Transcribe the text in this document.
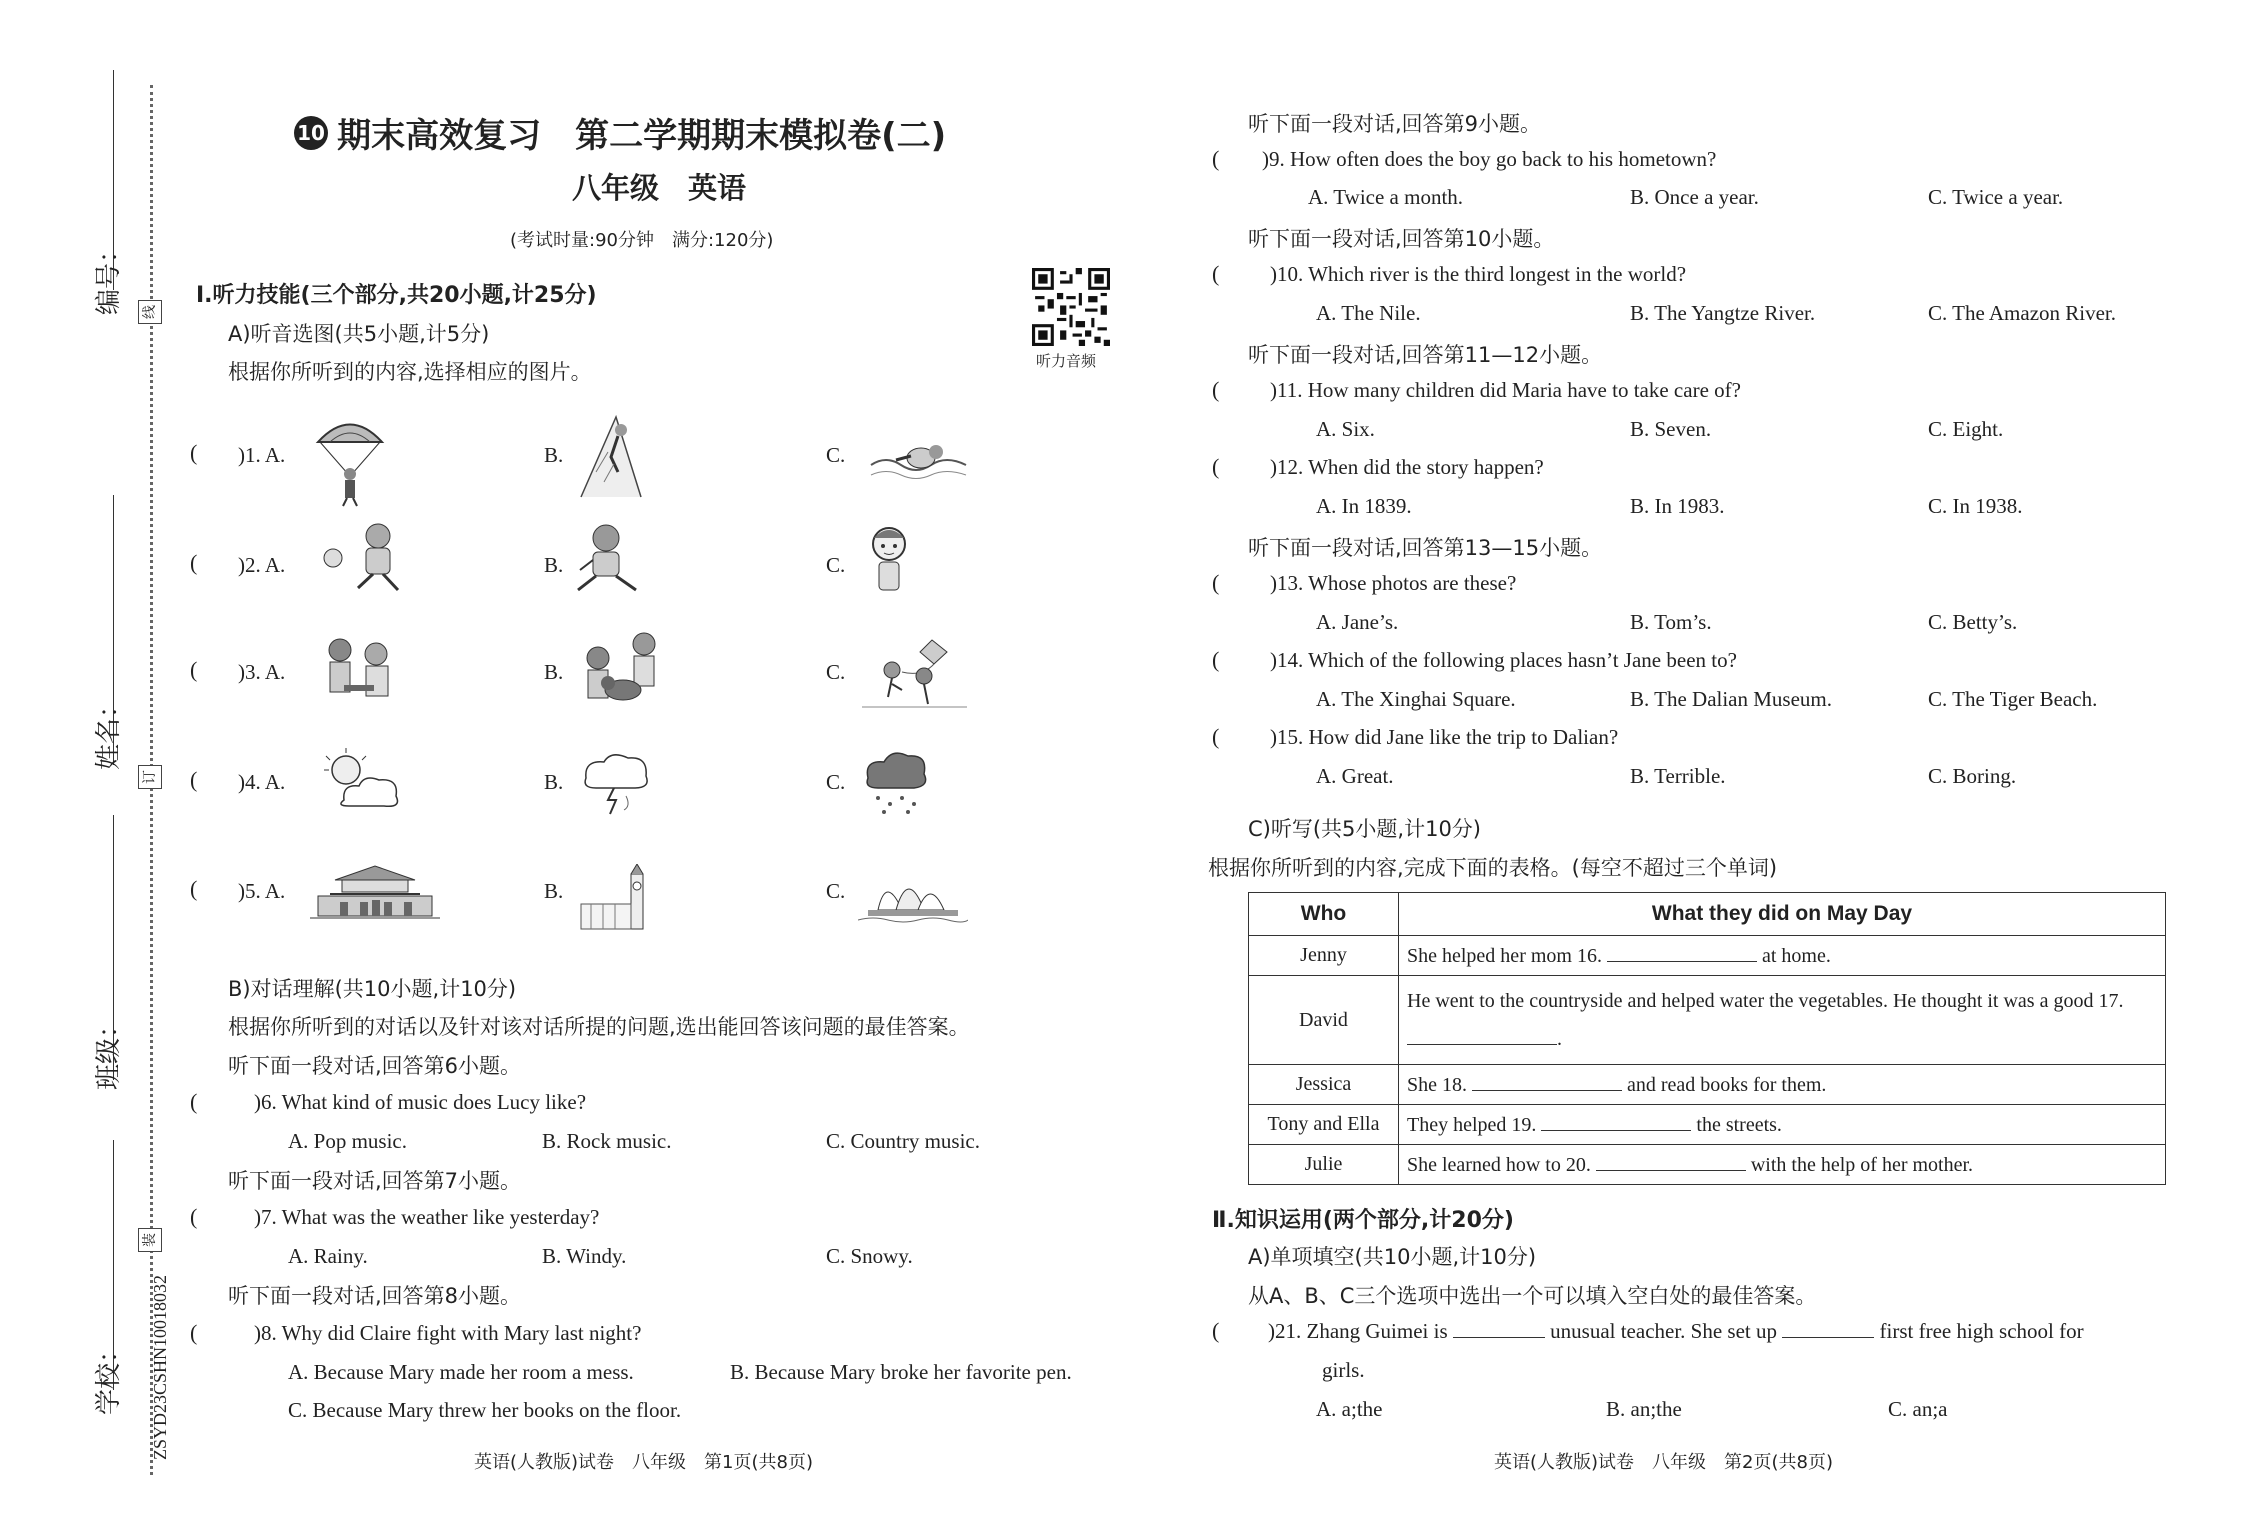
编号：
姓名：
班级：
学校：
线
订
装
ZSYD23CSHN10018032
10 期末高效复习　第二学期期末模拟卷(二)
八年级　英语
(考试时量:90分钟　满分:120分)
听力音频
Ⅰ.听力技能(三个部分,共20小题,计25分)
A)听音选图(共5小题,计5分)
根据你所听到的内容,选择相应的图片。
( )1. A.	B.	C.
( )2. A.	B.	C.
( )3. A.	B.	C.
( )4. A.	B.	C.
( )5. A.	B.	C.
B)对话理解(共10小题,计10分)
根据你所听到的对话以及针对该对话所提的问题,选出能回答该问题的最佳答案。
听下面一段对话,回答第6小题。
(	)6. What kind of music does Lucy like?
A. Pop music.	B. Rock music.	C. Country music.
听下面一段对话,回答第7小题。
(	)7. What was the weather like yesterday?
A. Rainy.	B. Windy.	C. Snowy.
听下面一段对话,回答第8小题。
(	)8. Why did Claire fight with Mary last night?
A. Because Mary made her room a mess.	B. Because Mary broke her favorite pen.
C. Because Mary threw her books on the floor.
英语(人教版)试卷　八年级　第1页(共8页)
听下面一段对话,回答第9小题。
( )9. How often does the boy go back to his hometown?
A. Twice a month.	B. Once a year.	C. Twice a year.
听下面一段对话,回答第10小题。
( )10. Which river is the third longest in the world?
A. The Nile.	B. The Yangtze River.	C. The Amazon River.
听下面一段对话,回答第11—12小题。
( )11. How many children did Maria have to take care of?
A. Six.	B. Seven.	C. Eight.
( )12. When did the story happen?
A. In 1839.	B. In 1983.	C. In 1938.
听下面一段对话,回答第13—15小题。
( )13. Whose photos are these?
A. Jane’s.	B. Tom’s.	C. Betty’s.
( )14. Which of the following places hasn’t Jane been to?
A. The Xinghai Square.	B. The Dalian Museum.	C. The Tiger Beach.
( )15. How did Jane like the trip to Dalian?
A. Great.	B. Terrible.	C. Boring.
C)听写(共5小题,计10分)
根据你所听到的内容,完成下面的表格。(每空不超过三个单词)
Who	What they did on May Day
Jenny	She helped her mom 16. at home.
David	He went to the countryside and helped water the vegetables. He thought it was a good 17. .
Jessica	She 18. and read books for them.
Tony and Ella	They helped 19. the streets.
Julie	She learned how to 20. with the help of her mother.
Ⅱ.知识运用(两个部分,计20分)
A)单项填空(共10小题,计10分)
从A、B、C三个选项中选出一个可以填入空白处的最佳答案。
( )21. Zhang Guimei is	unusual teacher. She set up	first free high school for
girls.
A. a;the	B. an;the	C. an;a
英语(人教版)试卷　八年级　第2页(共8页)
